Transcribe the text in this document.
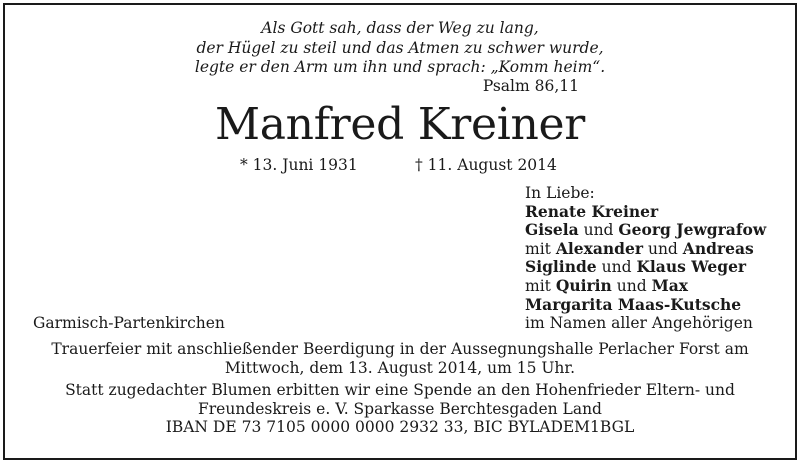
Als Gott sah, dass der Weg zu lang,
der Hügel zu steil und das Atmen zu schwer wurde,
legte er den Arm um ihn und sprach: „Komm heim“.
Psalm 86,11
Manfred Kreiner
* 13. Juni 1931	† 11. August 2014
In Liebe:
Renate Kreiner
Gisela und Georg Jewgrafow
mit Alexander und Andreas
Siglinde und Klaus Weger
mit Quirin und Max
Margarita Maas-Kutsche
im Namen aller Angehörigen
Garmisch-Partenkirchen
Trauerfeier mit anschließender Beerdigung in der Aussegnungshalle Perlacher Forst am
Mittwoch, dem 13. August 2014, um 15 Uhr.
Statt zugedachter Blumen erbitten wir eine Spende an den Hohenfrieder Eltern- und
Freundeskreis e. V. Sparkasse Berchtesgaden Land
IBAN DE 73 7105 0000 0000 2932 33, BIC BYLADEM1BGL
